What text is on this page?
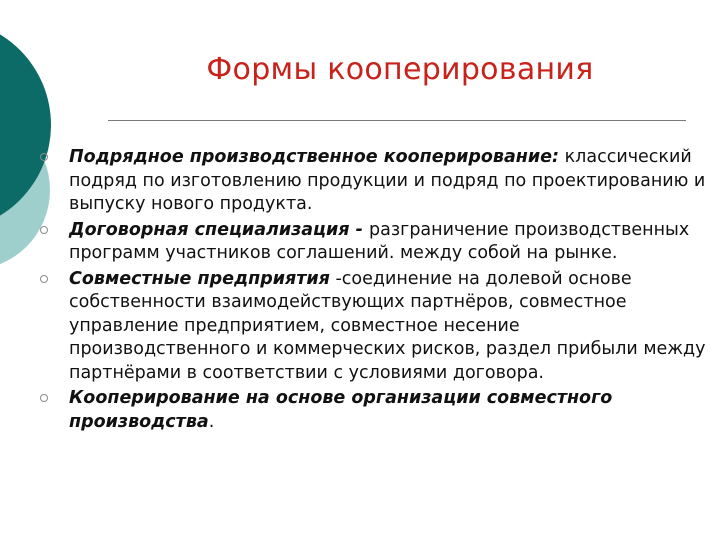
Формы кооперирования
Подрядное производственное кооперирование: классический подряд по изготовлению продукции и подряд по проектированию и выпуску нового продукта.
Договорная специализация - разграничение производственных программ участников соглашений. между собой на рынке.
Совместные предприятия -соединение на долевой основе собственности взаимодействующих партнёров, совместное управление предприятием, совместное несение производственного и коммерческих рисков, раздел прибыли между партнёрами в соответствии с условиями договора.
Кооперирование на основе организации совместного производства.
